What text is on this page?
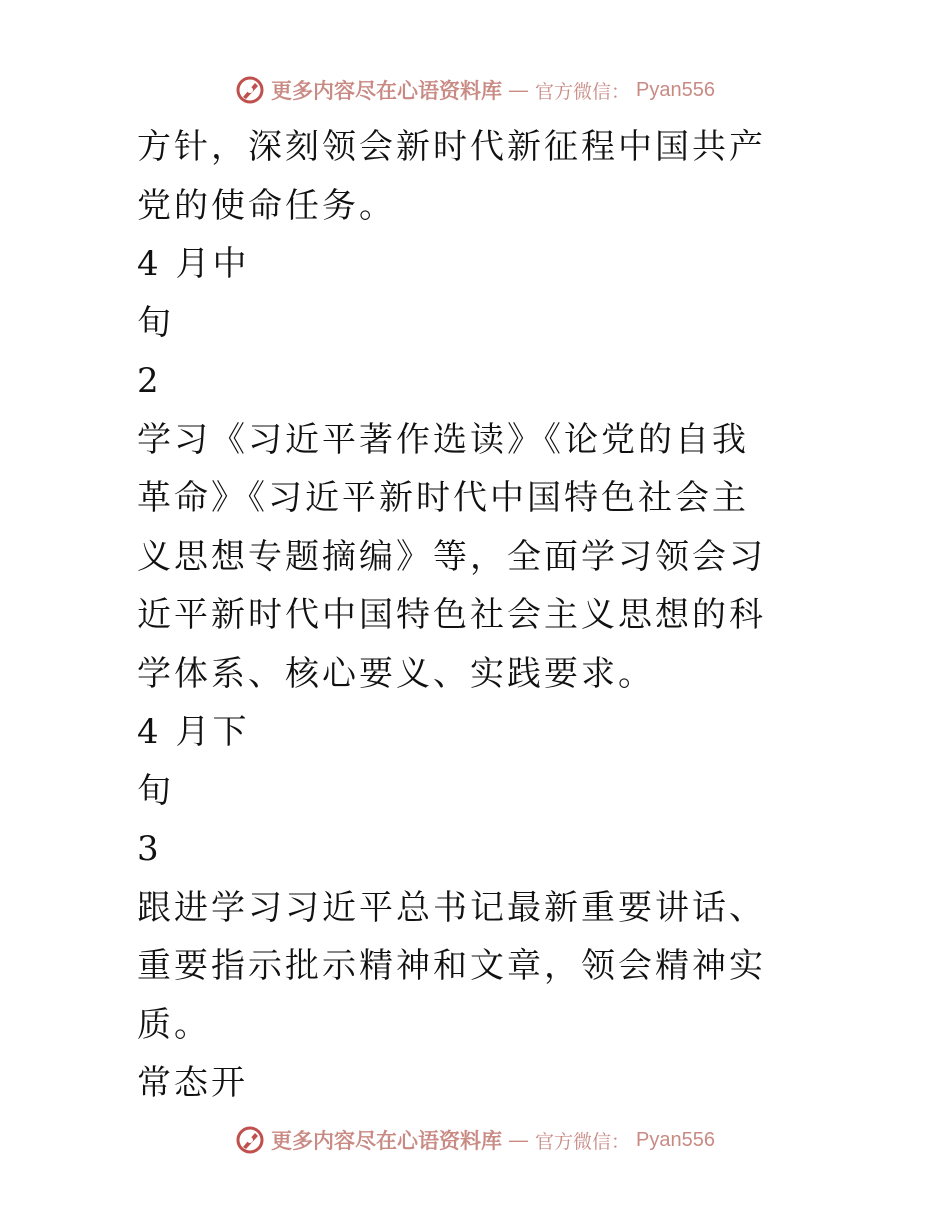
更多内容尽在心语资料库 — 官方微信： Pyan556
方针，深刻领会新时代新征程中国共产
党的使命任务。
4 月中
旬
2
学习《习近平著作选读》《论党的自我
革命》《习近平新时代中国特色社会主
义思想专题摘编》等，全面学习领会习
近平新时代中国特色社会主义思想的科
学体系、核心要义、实践要求。
4 月下
旬
3
跟进学习习近平总书记最新重要讲话、
重要指示批示精神和文章，领会精神实
质。
常态开
更多内容尽在心语资料库 — 官方微信： Pyan556
